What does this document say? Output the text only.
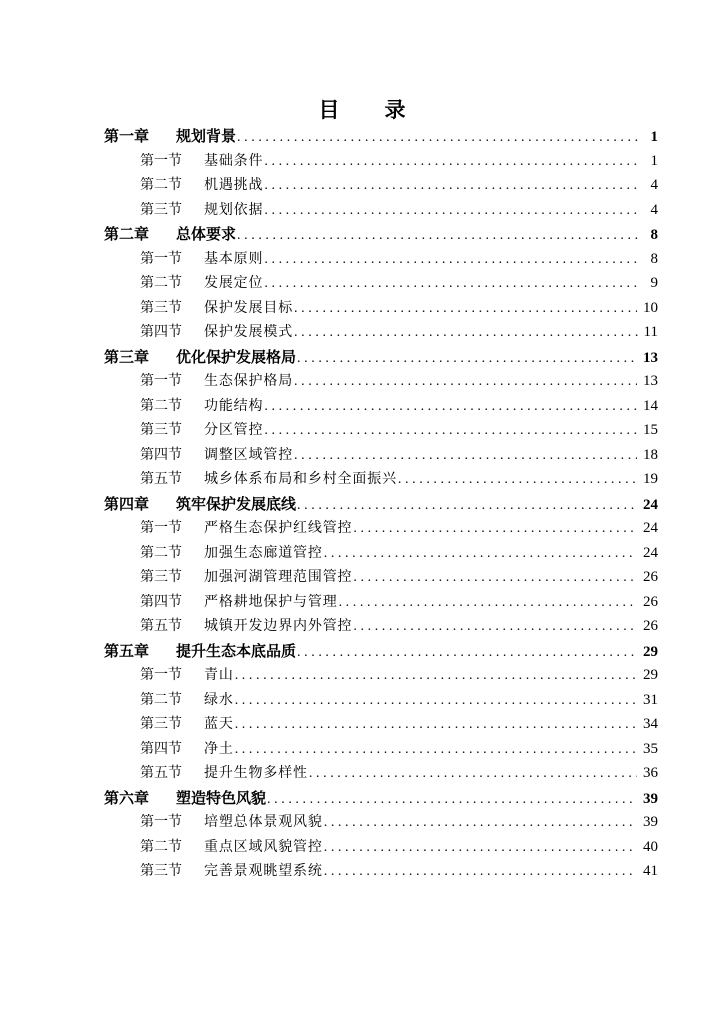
目 录
第一章 规划背景 .....	1
第一节 基础条件 .....	1
第二节 机遇挑战 .....	4
第三节 规划依据 .....	4
第二章 总体要求 .....	8
第一节 基本原则 .....	8
第二节 发展定位 .....	9
第三节 保护发展目标 .....	10
第四节 保护发展模式 .....	11
第三章 优化保护发展格局 .....	13
第一节 生态保护格局 .....	13
第二节 功能结构 .....	14
第三节 分区管控 .....	15
第四节 调整区域管控 .....	18
第五节 城乡体系布局和乡村全面振兴 .....	19
第四章 筑牢保护发展底线 .....	24
第一节 严格生态保护红线管控 .....	24
第二节 加强生态廊道管控 .....	24
第三节 加强河湖管理范围管控 .....	26
第四节 严格耕地保护与管理 .....	26
第五节 城镇开发边界内外管控 .....	26
第五章 提升生态本底品质 .....	29
第一节 青山 .....	29
第二节 绿水 .....	31
第三节 蓝天 .....	34
第四节 净土 .....	35
第五节 提升生物多样性 .....	36
第六章 塑造特色风貌 .....	39
第一节 培塑总体景观风貌 .....	39
第二节 重点区域风貌管控 .....	40
第三节 完善景观眺望系统 .....	41
